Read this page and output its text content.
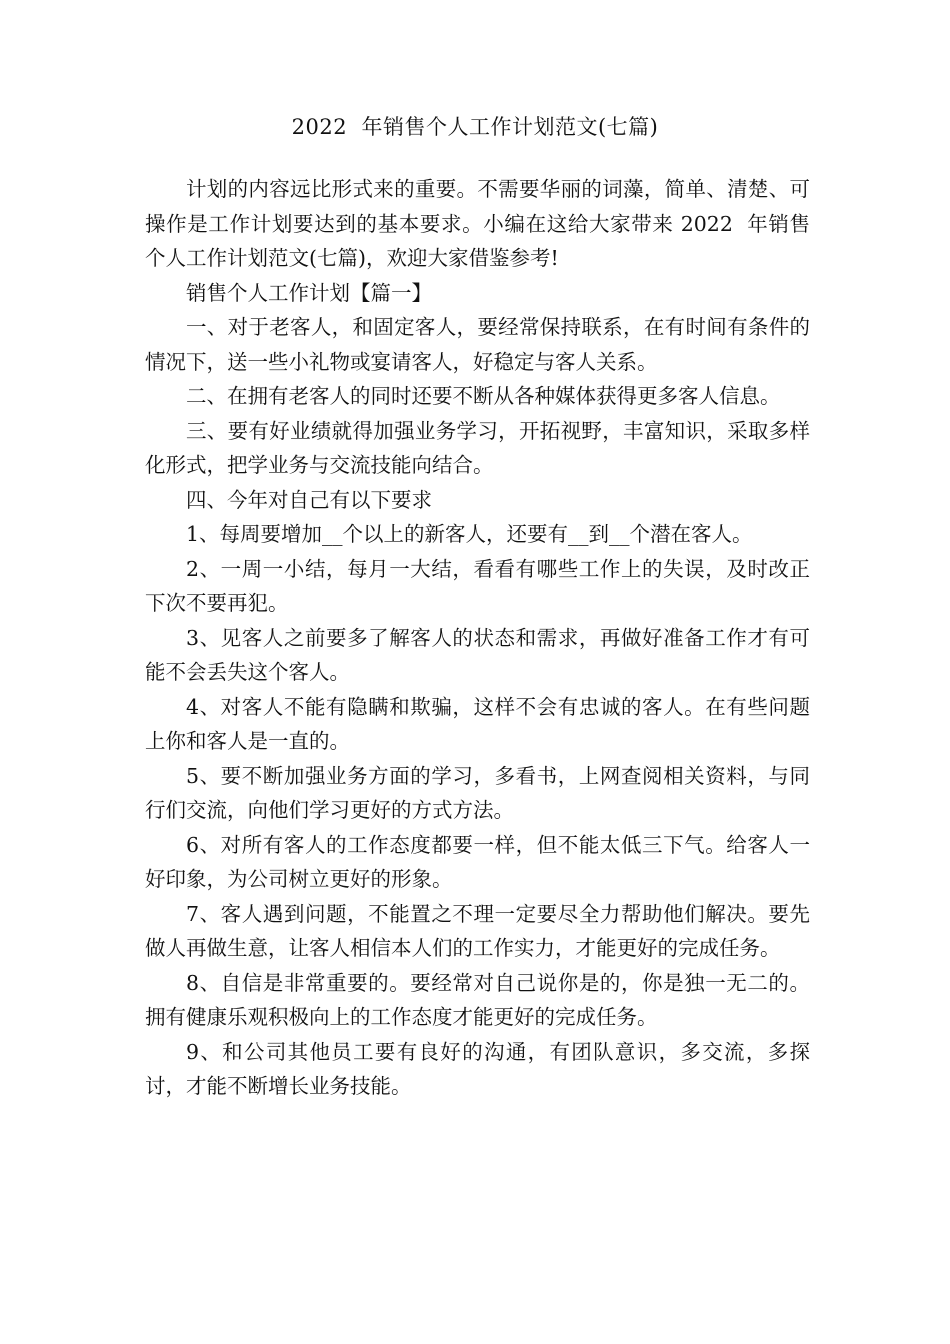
2022  年销售个人工作计划范文(七篇)

计划的内容远比形式来的重要。不需要华丽的词藻，简单、清楚、可操作是工作计划要达到的基本要求。小编在这给大家带来 2022  年销售个人工作计划范文(七篇)，欢迎大家借鉴参考!

销售个人工作计划【篇一】

一、对于老客人，和固定客人，要经常保持联系，在有时间有条件的情况下，送一些小礼物或宴请客人，好稳定与客人关系。

二、在拥有老客人的同时还要不断从各种媒体获得更多客人信息。

三、要有好业绩就得加强业务学习，开拓视野，丰富知识，采取多样化形式，把学业务与交流技能向结合。

四、今年对自己有以下要求

1、每周要增加__个以上的新客人，还要有__到__个潜在客人。

2、一周一小结，每月一大结，看看有哪些工作上的失误，及时改正下次不要再犯。

3、见客人之前要多了解客人的状态和需求，再做好准备工作才有可能不会丢失这个客人。

4、对客人不能有隐瞒和欺骗，这样不会有忠诚的客人。在有些问题上你和客人是一直的。

5、要不断加强业务方面的学习，多看书，上网查阅相关资料，与同行们交流，向他们学习更好的方式方法。

6、对所有客人的工作态度都要一样，但不能太低三下气。给客人一好印象，为公司树立更好的形象。

7、客人遇到问题，不能置之不理一定要尽全力帮助他们解决。要先做人再做生意，让客人相信本人们的工作实力，才能更好的完成任务。

8、自信是非常重要的。要经常对自己说你是的，你是独一无二的。拥有健康乐观积极向上的工作态度才能更好的完成任务。

9、和公司其他员工要有良好的沟通，有团队意识，多交流，多探讨，才能不断增长业务技能。
